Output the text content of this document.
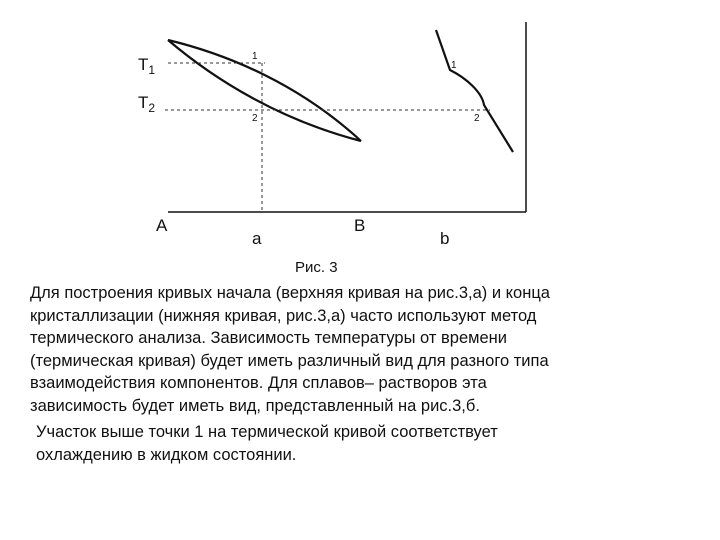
$T_1$
$T_2$
1
2
A	B
а
1
2
b
Рис. 3
Для построения кривых начала (верхняя кривая на рис.3,а) и конца
кристаллизации (нижняя кривая, рис.3,а) часто используют метод
термического анализа. Зависимость температуры от времени
(термическая кривая) будет иметь различный вид для разного типа
взаимодействия компонентов. Для сплавов– растворов эта
зависимость будет иметь вид, представленный на рис.3,б.
Участок выше точки 1 на термической кривой соответствует
охлаждению в жидком состоянии.
